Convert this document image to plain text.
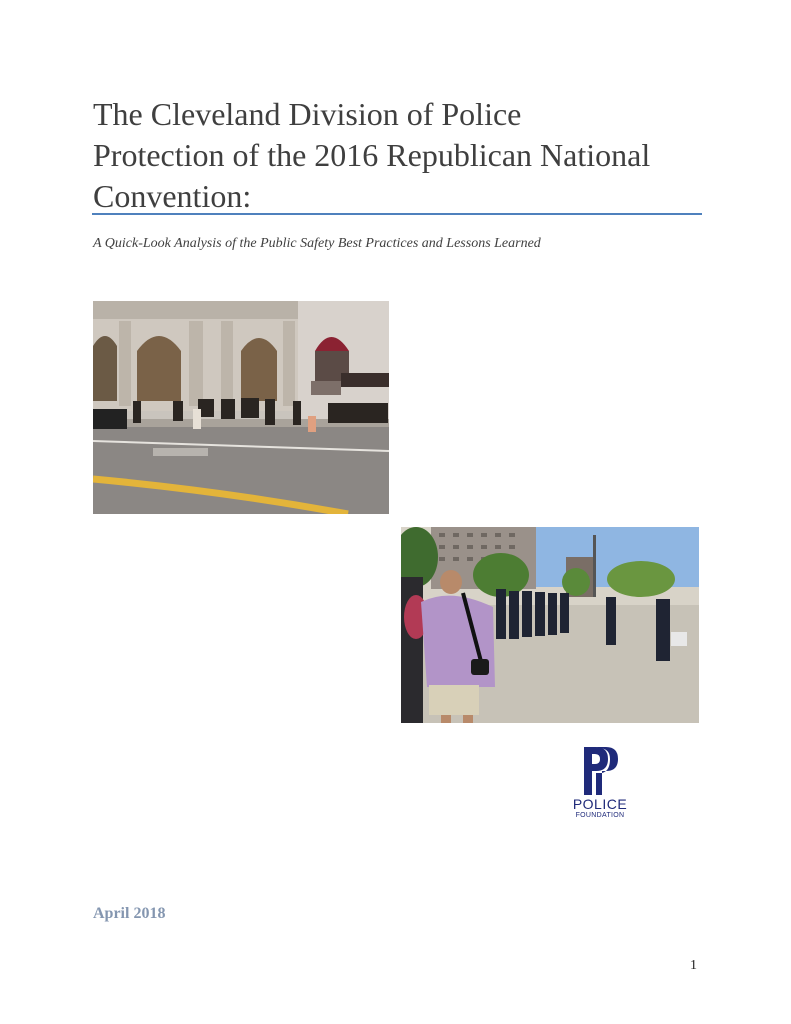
The Cleveland Division of Police
Protection of the 2016 Republican National
Convention:
A Quick-Look Analysis of the Public Safety Best Practices and Lessons Learned
POLICE
FOUNDATION
April 2018
1
